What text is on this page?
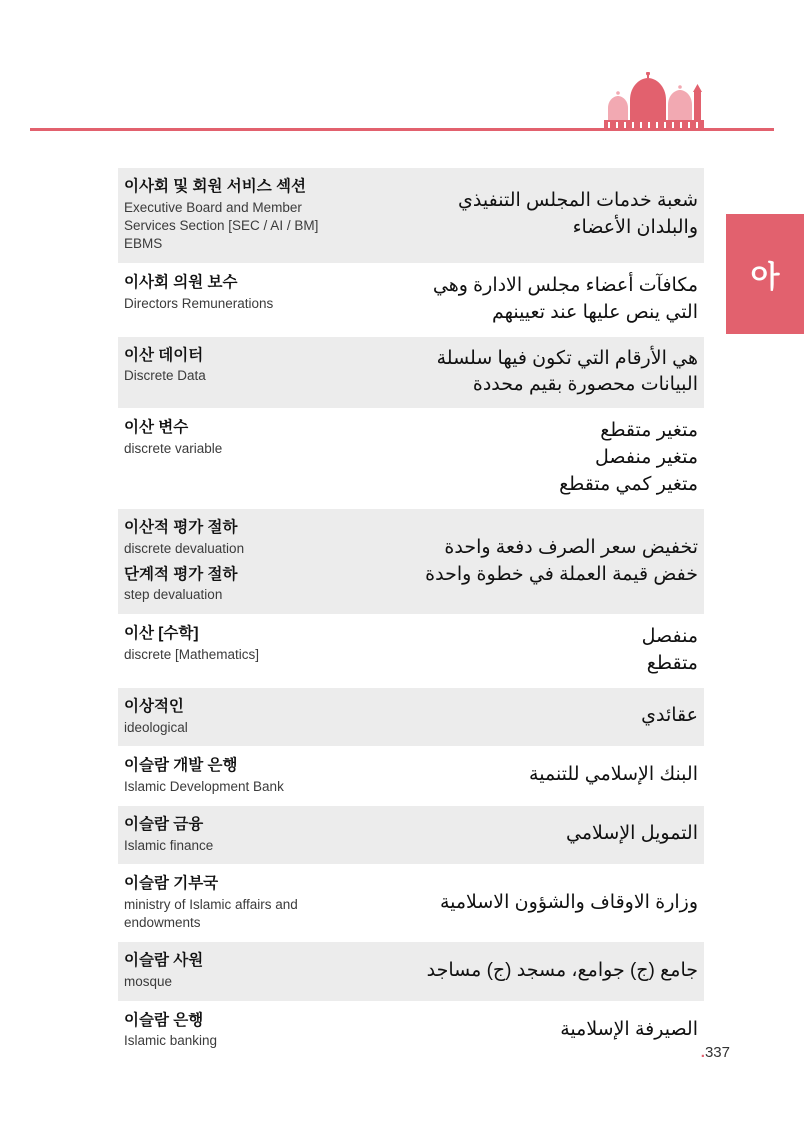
아
이사회 및 회원 서비스 섹션
Executive Board and Member
Services Section [SEC / AI / BM]
EBMS
شعبة خدمات المجلس التنفيذي
والبلدان الأعضاء
이사회 의원 보수
Directors Remunerations
مكافآت أعضاء مجلس الادارة وهي
التي ينص عليها عند تعيينهم
이산 데이터
Discrete Data
هي الأرقام التي تكون فيها سلسلة
البيانات محصورة بقيم محددة
이산 변수
discrete variable
متغير متقطع
متغير منفصل
متغير كمي متقطع
이산적 평가 절하
discrete devaluation
단계적 평가 절하
step devaluation
تخفيض سعر الصرف دفعة واحدة
خفض قيمة العملة في خطوة واحدة
이산 [수학]
discrete [Mathematics]
منفصل
متقطع
이상적인
ideological
عقائدي
이슬람 개발 은행
Islamic Development Bank
البنك الإسلامي للتنمية
이슬람 금융
Islamic finance
التمويل الإسلامي
이슬람 기부국
ministry of Islamic affairs and
endowments
وزارة الاوقاف والشؤون الاسلامية
이슬람 사원
mosque
جامع (ج) جوامع، مسجد (ج) مساجد
이슬람 은행
Islamic banking
الصيرفة الإسلامية
.337
